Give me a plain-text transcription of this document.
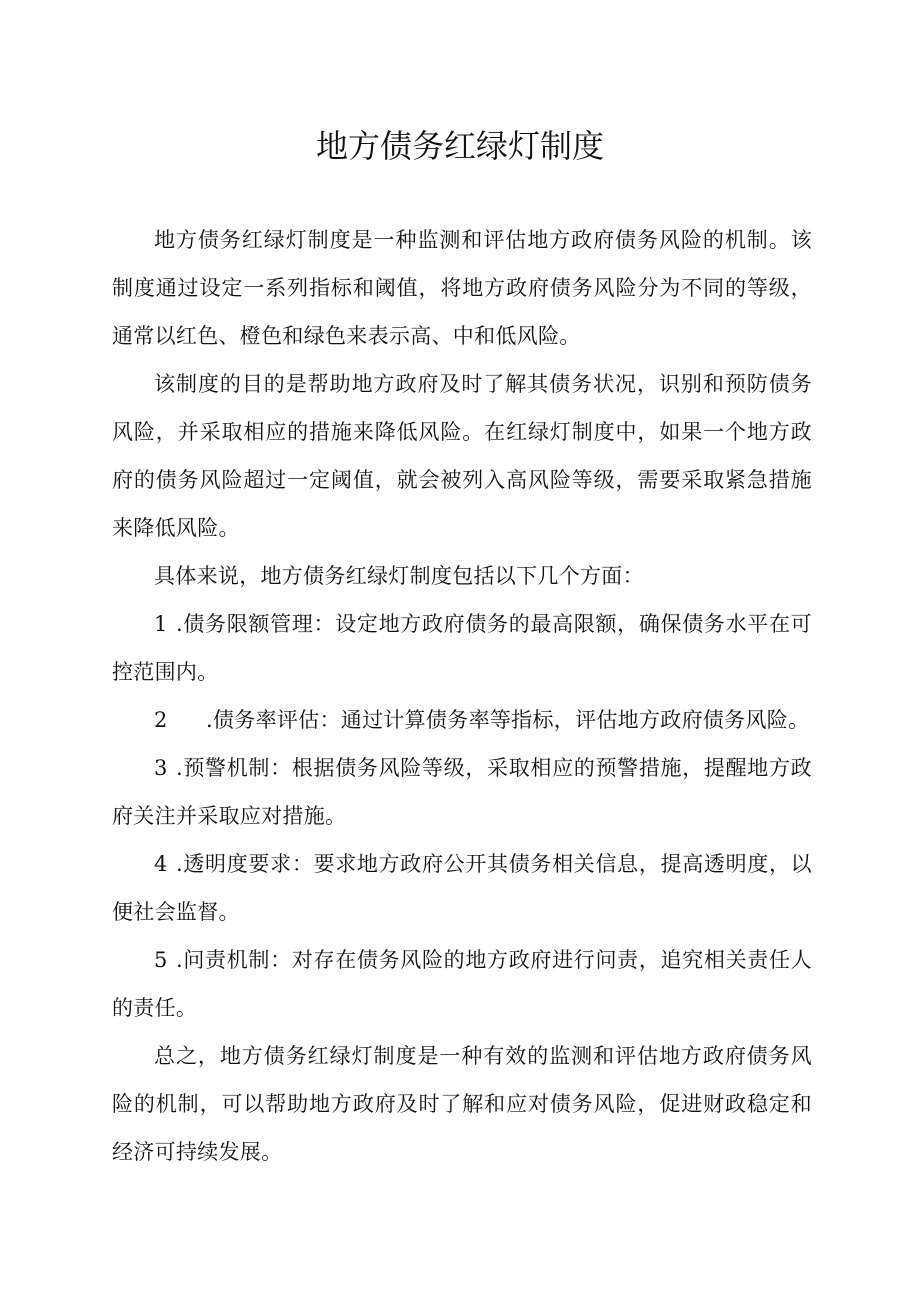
地方债务红绿灯制度

地方债务红绿灯制度是一种监测和评估地方政府债务风险的机制。该制度通过设定一系列指标和阈值，将地方政府债务风险分为不同的等级，通常以红色、橙色和绿色来表示高、中和低风险。

该制度的目的是帮助地方政府及时了解其债务状况，识别和预防债务风险，并采取相应的措施来降低风险。在红绿灯制度中，如果一个地方政府的债务风险超过一定阈值，就会被列入高风险等级，需要采取紧急措施来降低风险。

具体来说，地方债务红绿灯制度包括以下几个方面：

1 .债务限额管理：设定地方政府债务的最高限额，确保债务水平在可控范围内。

2 .债务率评估：通过计算债务率等指标，评估地方政府债务风险。

3 .预警机制：根据债务风险等级，采取相应的预警措施，提醒地方政府关注并采取应对措施。

4 .透明度要求：要求地方政府公开其债务相关信息，提高透明度，以便社会监督。

5 .问责机制：对存在债务风险的地方政府进行问责，追究相关责任人的责任。

总之，地方债务红绿灯制度是一种有效的监测和评估地方政府债务风险的机制，可以帮助地方政府及时了解和应对债务风险，促进财政稳定和经济可持续发展。
